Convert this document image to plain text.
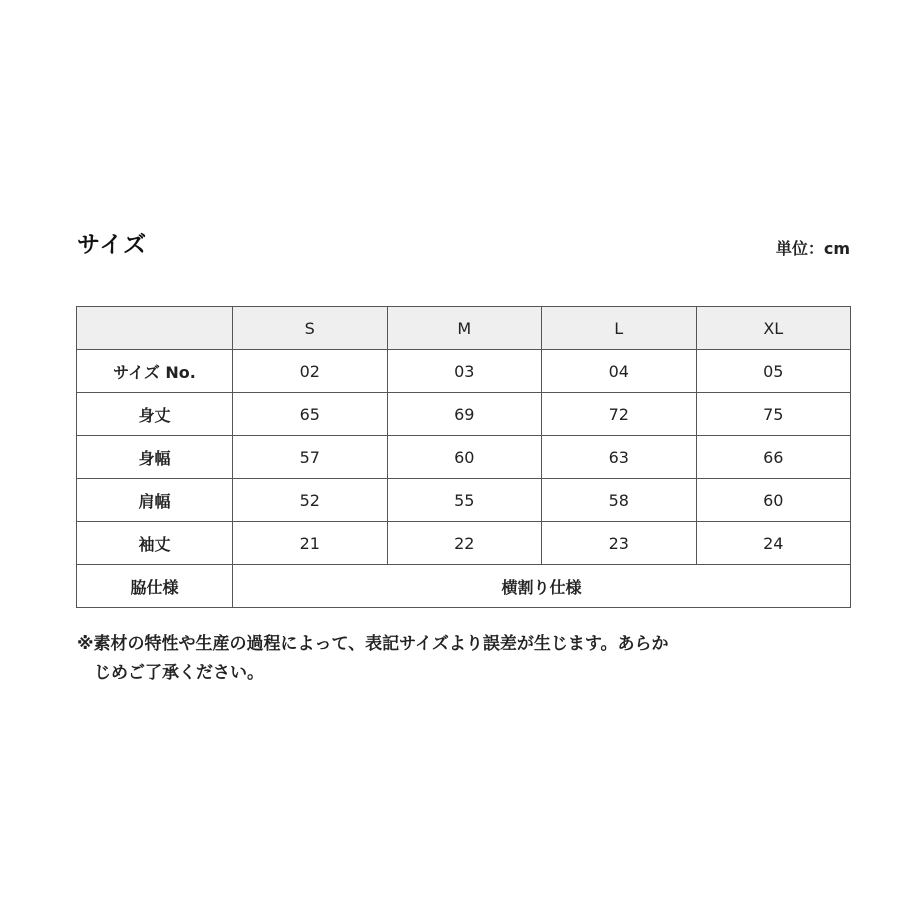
サイズ	単位：cm
	S	M	L	XL
サイズ No.	02	03	04	05
身丈	65	69	72	75
身幅	57	60	63	66
肩幅	52	55	58	60
袖丈	21	22	23	24
脇仕様	横割り仕様			
※素材の特性や生産の過程によって、表記サイズより誤差が生じます。あらか
じめご了承ください。
